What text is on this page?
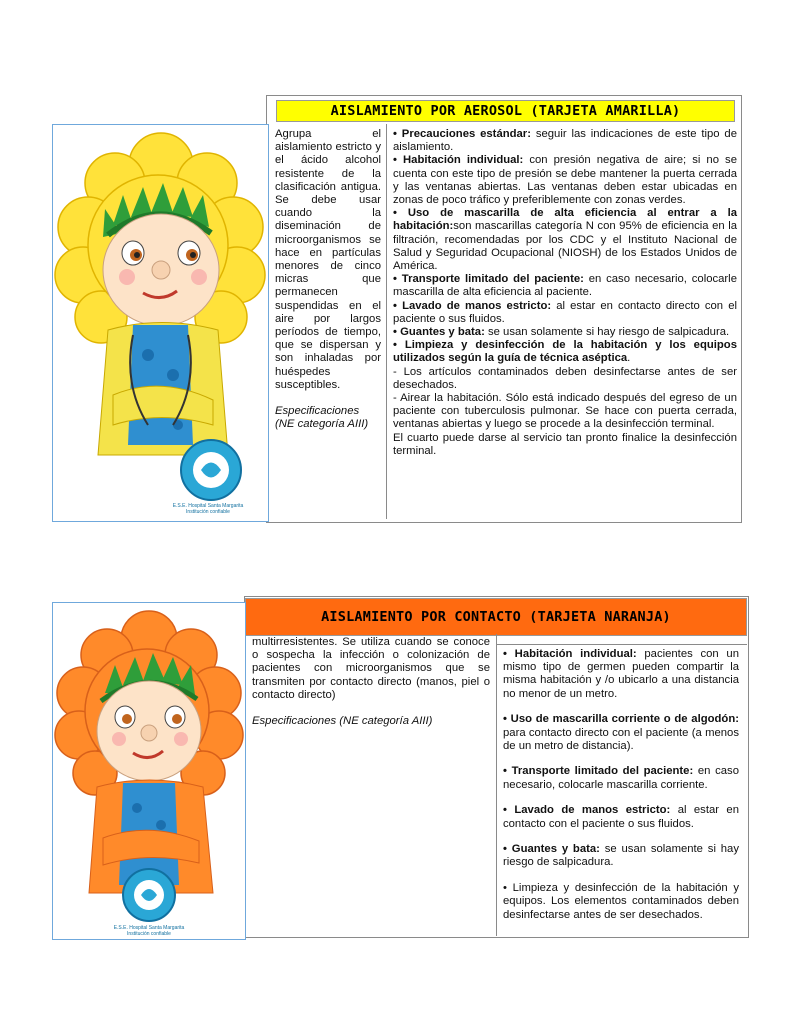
AISLAMIENTO POR AEROSOL (TARJETA AMARILLA)
E.S.E. Hospital Santa Margarita
Institución confiable

Agrupa el aislamiento estricto y el ácido alcohol resistente de la clasificación antigua. Se debe usar cuando la diseminación de microorganismos se hace en partículas menores de cinco micras que permanecen suspendidas en el aire por largos períodos de tiempo, que se dispersan y son inhaladas por huéspedes susceptibles.

Especificaciones (NE categoría AIII)

• Precauciones estándar: seguir las indicaciones de este tipo de aislamiento.

• Habitación individual: con presión negativa de aire; si no se cuenta con este tipo de presión se debe mantener la puerta cerrada y las ventanas abiertas. Las ventanas deben estar ubicadas en zonas de poco tráfico y preferiblemente con zonas verdes.

• Uso de mascarilla de alta eficiencia al entrar a la habitación:son mascarillas categoría N con 95% de eficiencia en la filtración, recomendadas por los CDC y el Instituto Nacional de Salud y Seguridad Ocupacional (NIOSH) de los Estados Unidos de América.

• Transporte limitado del paciente: en caso necesario, colocarle mascarilla de alta eficiencia al paciente.

• Lavado de manos estricto: al estar en contacto directo con el paciente o sus fluidos.

• Guantes y bata: se usan solamente si hay riesgo de salpicadura.

• Limpieza y desinfección de la habitación y los equipos utilizados según la guía de técnica aséptica.

- Los artículos contaminados deben desinfectarse antes de ser desechados.

- Airear la habitación. Sólo está indicado después del egreso de un paciente con tuberculosis pulmonar. Se hace con puerta cerrada, ventanas abiertas y luego se procede a la desinfección terminal.

El cuarto puede darse al servicio tan pronto finalice la desinfección terminal.

AISLAMIENTO POR CONTACTO (TARJETA NARANJA)
E.S.E. Hospital Santa Margarita
Institución confiable

multirresistentes. Se utiliza cuando se conoce o sospecha la infección o colonización de pacientes con microorganismos que se transmiten por contacto directo (manos, piel o contacto directo)

Especificaciones (NE categoría AIII)

• Habitación individual: pacientes con un mismo tipo de germen pueden compartir la misma habitación y /o ubicarlo a una distancia no menor de un metro.

• Uso de mascarilla corriente o de algodón: para contacto directo con el paciente (a menos de un metro de distancia).

• Transporte limitado del paciente: en caso necesario, colocarle mascarilla corriente.

• Lavado de manos estricto: al estar en contacto con el paciente o sus fluidos.

• Guantes y bata: se usan solamente si hay riesgo de salpicadura.

• Limpieza y desinfección de la habitación y equipos. Los elementos contaminados deben desinfectarse antes de ser desechados.
